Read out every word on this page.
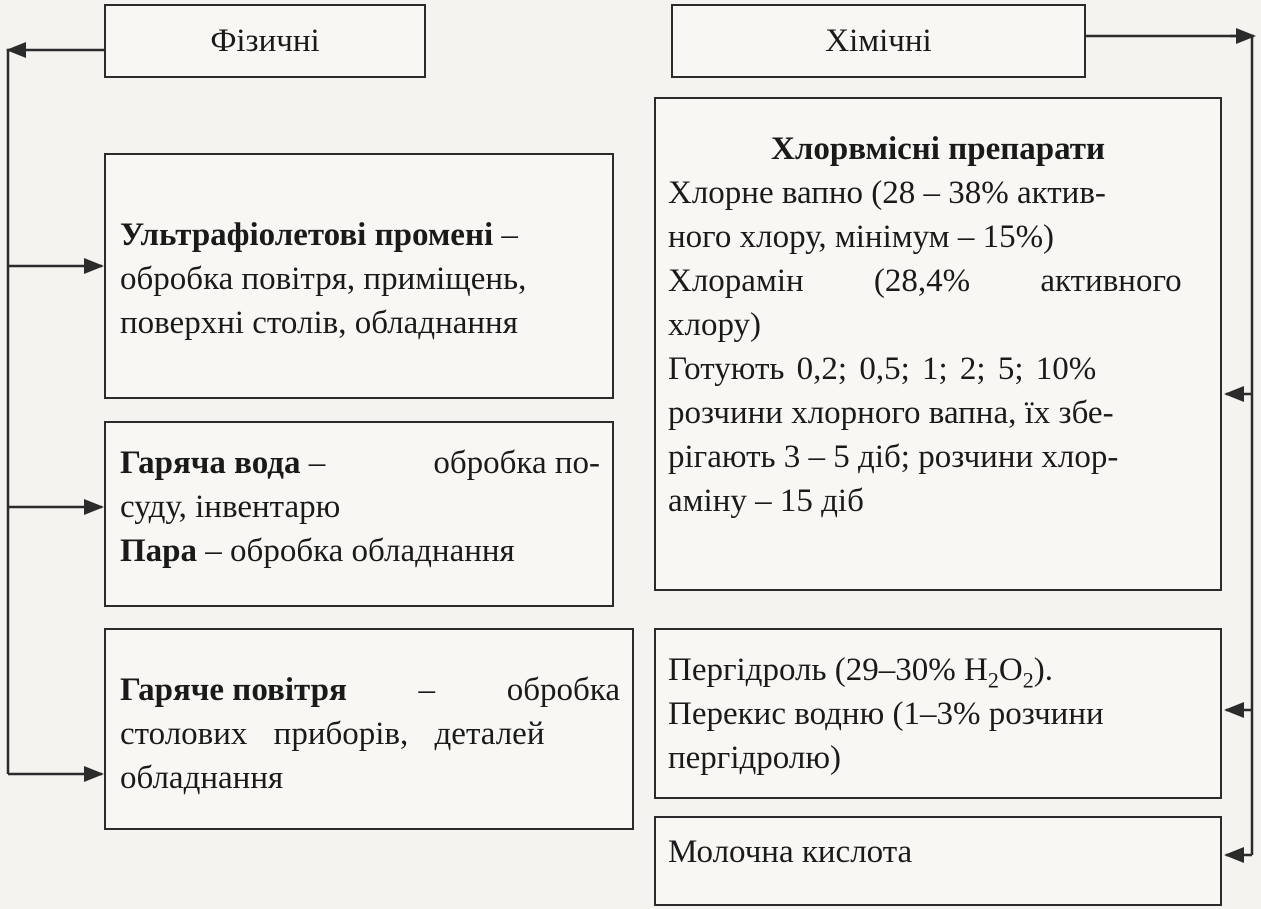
Фізичні	Хімічні
Ультрафіолетові промені –
обробка повітря, приміщень,
поверхні столів, обладнання
Гаряча вода –	обробка по-
суду, інвентарю
Пара – обробка обладнання
Гаряче повітря – обробка
столових приборів, деталей
обладнання
Хлорвмісні препарати
Хлорне вапно (28 – 38% актив-
ного хлору, мінімум – 15%)
Хлорамін (28,4% активного
хлору)
Готують 0,2; 0,5; 1; 2; 5; 10%
розчини хлорного вапна, їх збе-
рігають 3 – 5 діб; розчини хлор-
аміну – 15 діб
Пергідроль (29–30% $H_2O_2$).
Перекис водню (1–3% розчини
пергідролю)
Молочна кислота
